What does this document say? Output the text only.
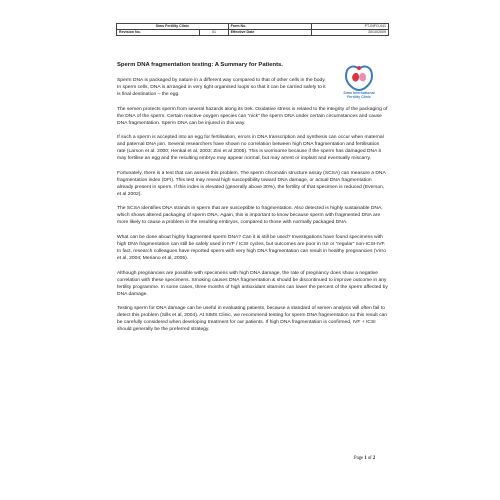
Sims Fertility Clinic		Form No.	PT-INFO-041
Revision No.	01	Effective Date	30/10/2009
Sperm DNA fragmentation testing: A Summary for Patients.
Sims International
Fertility Clinic

Sperm DNA is packaged by nature in a different way compared to that of other cells in the body. In sperm cells, DNA is arranged in very tight organised loops so that it can be carried safely to it is final destination – the egg.

The semen protects sperm from several hazards along its trek. Oxidative stress is related to the integrity of the packaging of the DNA of the sperm. Certain reactive oxygen species can “nick” the sperm DNA under certain circumstances and cause DNA fragmentation. Sperm DNA can be injured in this way.

If such a sperm is accepted into an egg for fertilisation, errors in DNA transcription and synthesis can occur when maternal and paternal DNA join. Several researchers have shown no correlation between high DNA fragmentation and fertilisation rate (Larson et al. 2000; Henkal et al. 2003; Zini et al 2005). This is worrisome because if the sperm has damaged DNA it may fertilise an egg and the resulting embryo may appear normal, but may arrest or implant and eventually miscarry.

Fortunately, there is a test that can assess this problem. The sperm chromatin structure assay (SCSA) can measure a DNA fragmentation index (DFI). This test may reveal high susceptibility toward DNA damage, or actual DNA fragmentation already present in sperm. If this index is elevated (generally above 30%), the fertility of that specimen is reduced (Everson, et al 2002).

The SCSA identifies DNA strands in sperm that are susceptible to fragmentation. Also detected is highly sustainable DNA, which shows altered packaging of sperm DNA. Again, this is important to know because sperm with fragmented DNA are more likely to cause a problem in the resulting embryos, compared to those with normally packaged DNA.

What can be done about highly fragmented sperm DNA? Can it is still be used? Investigations have found specimens with high DNA fragmentation can still be safely used in IVF / ICSI cycles, but outcomes are poor in IUI or “regular” non-ICSI-IVF. In fact, research colleagues have reported sperm with very high DNA fragmentation can result in healthy pregnancies (Virro et al, 2004; Meriano et al, 2005).

Although pregnancies are possible with specimens with high DNA damage, the rate of pregnancy does show a negative correlation with these specimens. Smoking causes DNA fragmentation & should be discontinued to improve outcome in any fertility programme. In some cases, three months of high antioxidant vitamins can lower the percent of the sperm affected by DNA damage.

Testing sperm for DNA damage can be useful in evaluating patients, because a standard of semen analysis will often fail to detect this problem (Sills et al, 2004). At SIMS Clinic, we recommend testing for sperm DNA fragmentation so this result can be carefully considered when developing treatment for our patients. If high DNA fragmentation is confirmed, IVF + ICSI should generally be the preferred strategy.

Page 1 of 2
